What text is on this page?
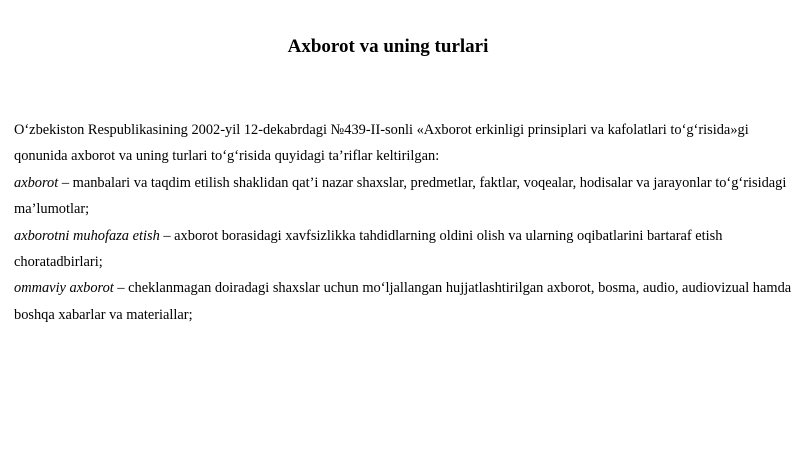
Axborot va uning turlari

O‘zbekiston Respublikasining 2002-yil 12-dekabrdagi №439-II-sonli «Axborot erkinligi prinsiplari va kafolatlari to‘g‘risida»gi
qonunida axborot va uning turlari to‘g‘risida quyidagi ta’riflar keltirilgan:

axborot – manbalari va taqdim etilish shaklidan qat’i nazar shaxslar, predmetlar, faktlar, voqealar, hodisalar va jarayonlar to‘g‘risidagi ma’lumotlar;

axborotni muhofaza etish – axborot borasidagi xavfsizlikka tahdidlarning oldini olish va ularning oqibatlarini bartaraf etish choratadbirlari;

ommaviy axborot – cheklanmagan doiradagi shaxslar uchun mo‘ljallangan hujjatlashtirilgan axborot, bosma, audio, audiovizual hamda boshqa xabarlar va materiallar;
